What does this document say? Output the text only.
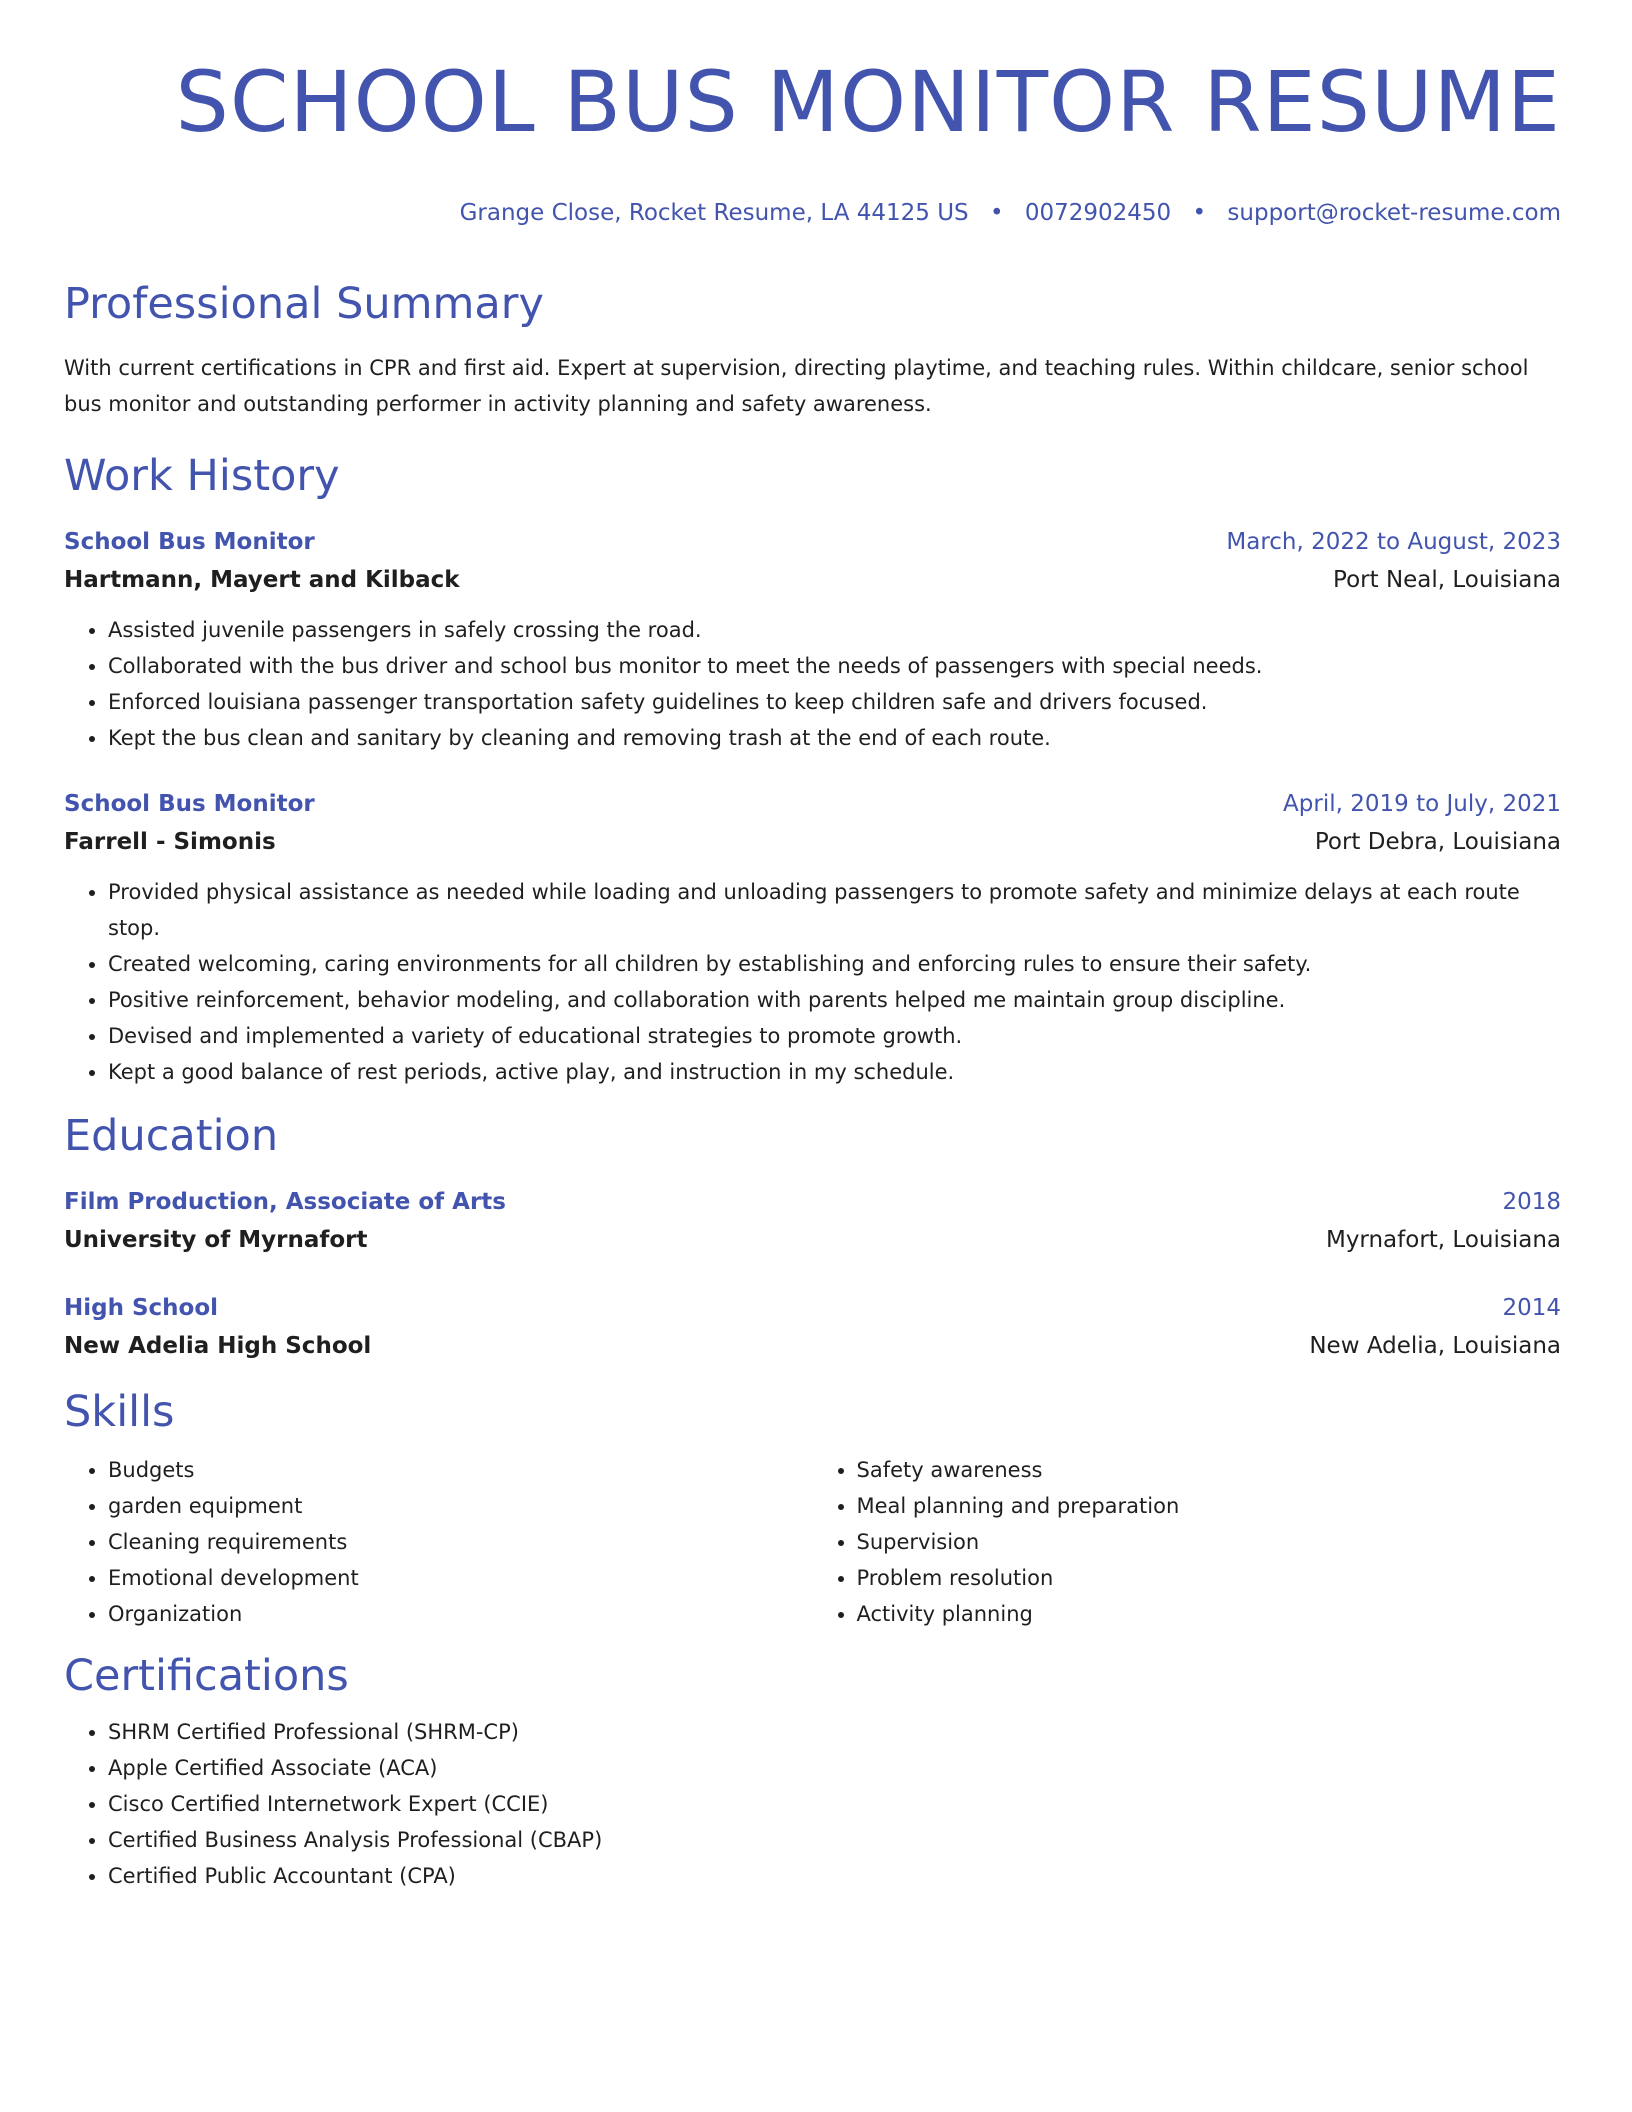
SCHOOL BUS MONITOR RESUME
Grange Close, Rocket Resume, LA 44125 US • 0072902450 • support@rocket-resume.com
Professional Summary

With current certifications in CPR and first aid. Expert at supervision, directing playtime, and teaching rules. Within childcare, senior school
bus monitor and outstanding performer in activity planning and safety awareness.

Work History
School Bus Monitor	March, 2022 to August, 2023
Hartmann, Mayert and Kilback	Port Neal, Louisiana
• Assisted juvenile passengers in safely crossing the road.
• Collaborated with the bus driver and school bus monitor to meet the needs of passengers with special needs.
• Enforced louisiana passenger transportation safety guidelines to keep children safe and drivers focused.
• Kept the bus clean and sanitary by cleaning and removing trash at the end of each route.
School Bus Monitor	April, 2019 to July, 2021
Farrell - Simonis	Port Debra, Louisiana
• Provided physical assistance as needed while loading and unloading passengers to promote safety and minimize delays at each route stop.
• Created welcoming, caring environments for all children by establishing and enforcing rules to ensure their safety.
• Positive reinforcement, behavior modeling, and collaboration with parents helped me maintain group discipline.
• Devised and implemented a variety of educational strategies to promote growth.
• Kept a good balance of rest periods, active play, and instruction in my schedule.
Education
Film Production, Associate of Arts	2018
University of Myrnafort	Myrnafort, Louisiana
High School	2014
New Adelia High School	New Adelia, Louisiana
Skills
• Budgets
• garden equipment
• Cleaning requirements
• Emotional development
• Organization
• Safety awareness
• Meal planning and preparation
• Supervision
• Problem resolution
• Activity planning
Certifications
• SHRM Certified Professional (SHRM-CP)
• Apple Certified Associate (ACA)
• Cisco Certified Internetwork Expert (CCIE)
• Certified Business Analysis Professional (CBAP)
• Certified Public Accountant (CPA)
